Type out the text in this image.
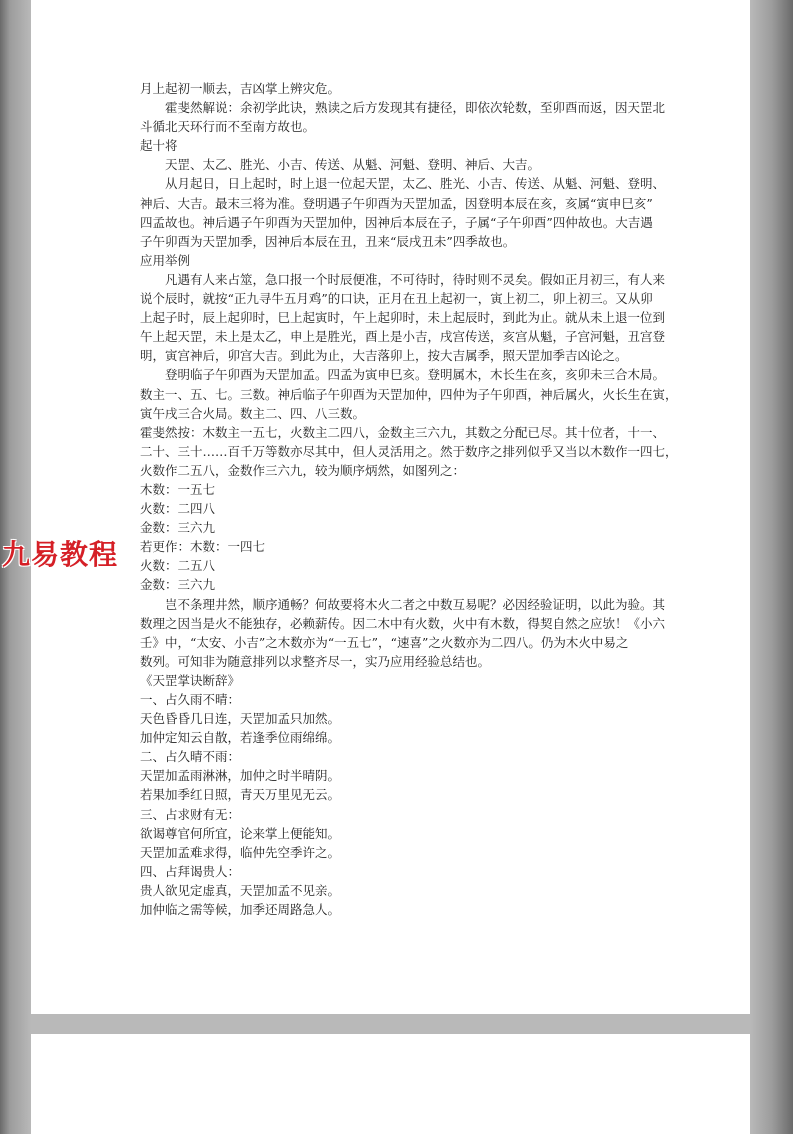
月上起初一顺去，吉凶掌上辨灾危。

霍斐然解说：余初学此诀，熟读之后方发现其有捷径，即依次轮数，至卯酉而返，因天罡北

斗循北天环行而不至南方故也。

起十将

天罡、太乙、胜光、小吉、传送、从魁、河魁、登明、神后、大吉。

从月起日，日上起时，时上退一位起天罡，太乙、胜光、小吉、传送、从魁、河魁、登明、

神后、大吉。最末三将为准。登明遇子午卯酉为天罡加孟，因登明本辰在亥，亥属“寅申巳亥”

四孟故也。神后遇子午卯酉为天罡加仲，因神后本辰在子，子属“子午卯酉”四仲故也。大吉遇

子午卯酉为天罡加季，因神后本辰在丑，丑来“辰戌丑未”四季故也。

应用举例

凡遇有人来占筮，急口报一个时辰便准，不可待时，待时则不灵矣。假如正月初三，有人来

说个辰时，就按“正九寻牛五月鸡”的口诀，正月在丑上起初一，寅上初二，卯上初三。又从卯

上起子时，辰上起卯时，巳上起寅时，午上起卯时，未上起辰时，到此为止。就从未上退一位到

午上起天罡，未上是太乙，申上是胜光，酉上是小吉，戌宫传送，亥宫从魁，子宫河魁，丑宫登

明，寅宫神后，卯宫大吉。到此为止，大吉落卯上，按大吉属季，照天罡加季吉凶论之。

登明临子午卯酉为天罡加孟。四孟为寅申巳亥。登明属木，木长生在亥，亥卯未三合木局。

数主一、五、七。三数。神后临子午卯酉为天罡加仲，四仲为子午卯酉，神后属火，火长生在寅，

寅午戌三合火局。数主二、四、八三数。

霍斐然按：木数主一五七，火数主二四八，金数主三六九，其数之分配已尽。其十位者，十一、

二十、三十……百千万等数亦尽其中，但人灵活用之。然于数序之排列似乎又当以木数作一四七，

火数作二五八，金数作三六九，较为顺序炳然，如图列之：

木数：一五七

火数：二四八

金数：三六九

若更作：木数：一四七

火数：二五八

金数：三六九

岂不条理井然，顺序通畅？何故要将木火二者之中数互易呢？必因经验证明，以此为验。其

数理之因当是火不能独存，必赖薪传。因二木中有火数，火中有木数，得契自然之应欤！《小六

壬》中，“太安、小吉”之木数亦为“一五七”，“速喜”之火数亦为二四八。仍为木火中易之

数列。可知非为随意排列以求整齐尽一，实乃应用经验总结也。

《天罡掌诀断辞》

一、占久雨不晴：

天色昏昏几日连，天罡加孟只加然。

加仲定知云自散，若逢季位雨绵绵。

二、占久晴不雨：

天罡加孟雨淋淋，加仲之时半晴阴。

若果加季红日照，青天万里见无云。

三、占求财有无：

欲谒尊官何所宜，论来掌上便能知。

天罡加孟难求得，临仲先空季许之。

四、占拜谒贵人：

贵人欲见定虚真，天罡加孟不见亲。

加仲临之需等候，加季还周路急人。

九易教程
